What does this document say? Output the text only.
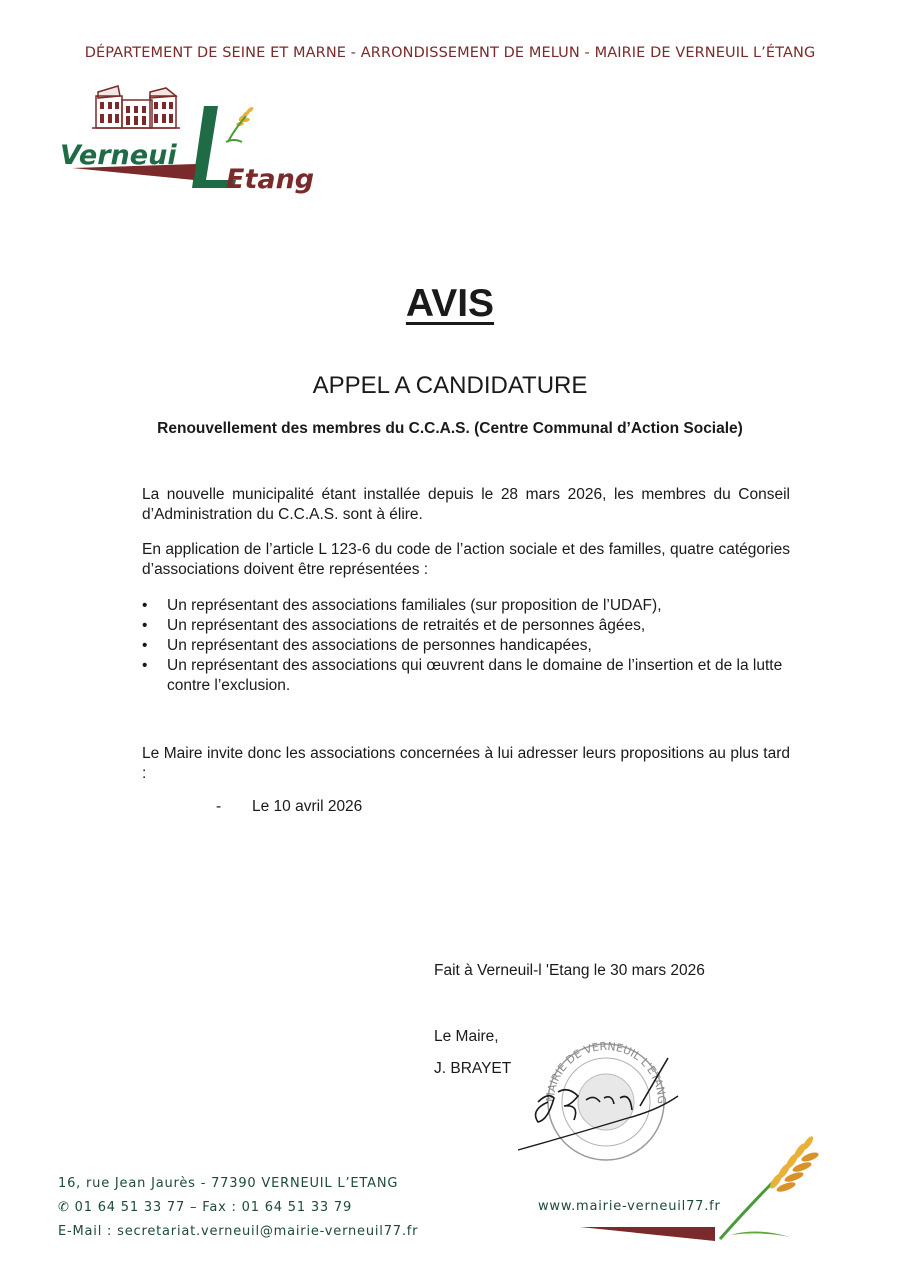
DÉPARTEMENT DE SEINE ET MARNE - ARRONDISSEMENT DE MELUN - MAIRIE DE VERNEUIL L’ÉTANG
Verneui
Etang
AVIS
APPEL A CANDIDATURE
Renouvellement des membres du C.C.A.S. (Centre Communal d’Action Sociale)
La nouvelle municipalité étant installée depuis le 28 mars 2026, les membres du Conseil d’Administration du C.C.A.S. sont à élire.
En application de l’article L 123-6 du code de l’action sociale et des familles, quatre catégories d’associations doivent être représentées :
•	Un représentant des associations familiales (sur proposition de l’UDAF),
•	Un représentant des associations de retraités et de personnes âgées,
•	Un représentant des associations de personnes handicapées,
•	Un représentant des associations qui œuvrent dans le domaine de l’insertion et de la lutte contre l’exclusion.
Le Maire invite donc les associations concernées à lui adresser leurs propositions au plus tard :
- Le 10 avril 2026
Fait à Verneuil-l 'Etang le 30 mars 2026
Le Maire,
J. BRAYET
MAIRIE DE VERNEUIL L'ETANG
16, rue Jean Jaurès - 77390 VERNEUIL L’ETANG
✆ 01 64 51 33 77 – Fax : 01 64 51 33 79
E-Mail : secretariat.verneuil@mairie-verneuil77.fr
www.mairie-verneuil77.fr
